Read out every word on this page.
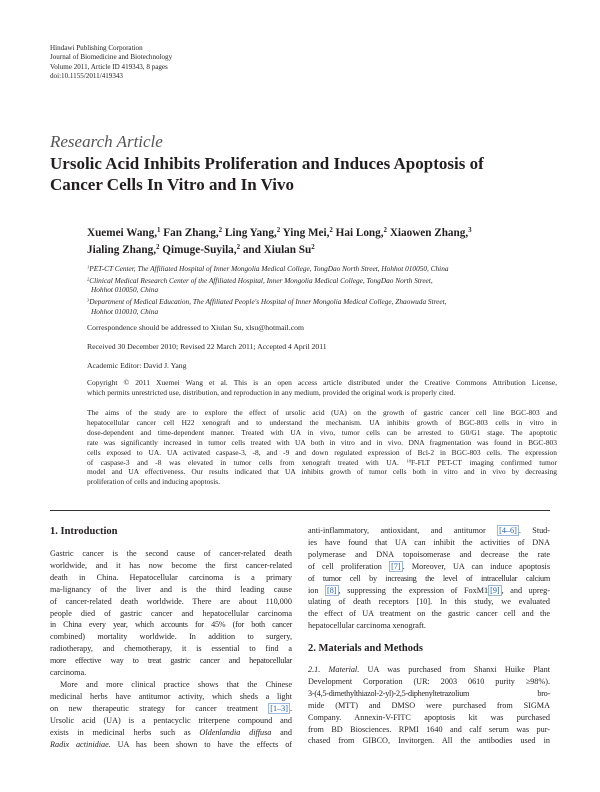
Hindawi Publishing Corporation
Journal of Biomedicine and Biotechnology
Volume 2011, Article ID 419343, 8 pages
doi:10.1155/2011/419343
Research Article
Ursolic Acid Inhibits Proliferation and Induces Apoptosis of
Cancer Cells In Vitro and In Vivo
Xuemei Wang,$^1$ Fan Zhang,$^2$ Ling Yang,$^2$ Ying Mei,$^2$ Hai Long,$^2$ Xiaowen Zhang,$^3$
Jialing Zhang,$^2$ Qimuge-Suyila,$^2$ and Xiulan Su$^2$
$^1$PET-CT Center, The Affiliated Hospital of Inner Mongolia Medical College, TongDao North Street, Hohhot 010050, China
$^2$Clinical Medical Research Center of the Affiliated Hospital, Inner Mongolia Medical College, TongDao North Street,
Hohhot 010050, China
$^3$Department of Medical Education, The Affiliated People's Hospital of Inner Mongolia Medical College, Zhaowuda Street,
Hohhot 010010, China
Correspondence should be addressed to Xiulan Su, xlsu@hotmail.com
Received 30 December 2010; Revised 22 March 2011; Accepted 4 April 2011
Academic Editor: David J. Yang
Copyright © 2011 Xuemei Wang et al. This is an open access article distributed under the Creative Commons Attribution License,
which permits unrestricted use, distribution, and reproduction in any medium, provided the original work is properly cited.
The aims of the study are to explore the effect of ursolic acid (UA) on the growth of gastric cancer cell line BGC-803 and
hepatocellular cancer cell H22 xenograft and to understand the mechanism. UA inhibits growth of BGC-803 cells in vitro in
dose-dependent and time-dependent manner. Treated with UA in vivo, tumor cells can be arrested to G0/G1 stage. The apoptotic
rate was significantly increased in tumor cells treated with UA both in vitro and in vivo. DNA fragmentation was found in BGC-803
cells exposed to UA. UA activated caspase-3, -8, and -9 and down regulated expression of Bcl-2 in BGC-803 cells. The expression
of caspase-3 and -8 was elevated in tumor cells from xenograft treated with UA. $^{18}$F-FLT PET-CT imaging confirmed tumor
model and UA effectiveness. Our results indicated that UA inhibits growth of tumor cells both in vitro and in vivo by decreasing
proliferation of cells and inducing apoptosis.
1. Introduction
Gastric cancer is the second cause of cancer-related death
worldwide, and it has now become the first cancer-related
death in China. Hepatocellular carcinoma is a primary
ma-lignancy of the liver and is the third leading cause
of cancer-related death worldwide. There are about 110,000
people died of gastric cancer and hepatocellular carcinoma
in China every year, which accounts for 45% (for both cancer
combined) mortality worldwide. In addition to surgery,
radiotherapy, and chemotherapy, it is essential to find a
more effective way to treat gastric cancer and hepatocellular
carcinoma.
More and more clinical practice shows that the Chinese
medicinal herbs have antitumor activity, which sheds a light
on new therapeutic strategy for cancer treatment [1–3] .
Ursolic acid (UA) is a pentacyclic triterpene compound and
exists in medicinal herbs such as Oldenlandia diffusa and
Radix actinidiae. UA has been shown to have the effects of
anti-inflammatory, antioxidant, and antitumor [4–6] . Stud-
ies have found that UA can inhibit the activities of DNA
polymerase and DNA topoisomerase and decrease the rate
of cell proliferation [7] . Moreover, UA can induce apoptosis
of tumor cell by increasing the level of intracellular calcium
ion [8] , suppressing the expression of FoxM1 [9] , and upreg-
ulating of death receptors [10]. In this study, we evaluated
the effect of UA treatment on the gastric cancer cell and the
hepatocellular carcinoma xenograft.
2. Materials and Methods
2.1. Material. UA was purchased from Shanxi Huike Plant
Development Corporation (UR: 2003 0610 purity ≥98%).
3-(4,5-dimethylthiazol-2-yl)-2,5-diphenyltetrazolium bro-
mide (MTT) and DMSO were purchased from SIGMA
Company. Annexin-V-FITC apoptosis kit was purchased
from BD Biosciences. RPMI 1640 and calf serum was pur-
chased from GIBCO, Invitorgen. All the antibodies used in
